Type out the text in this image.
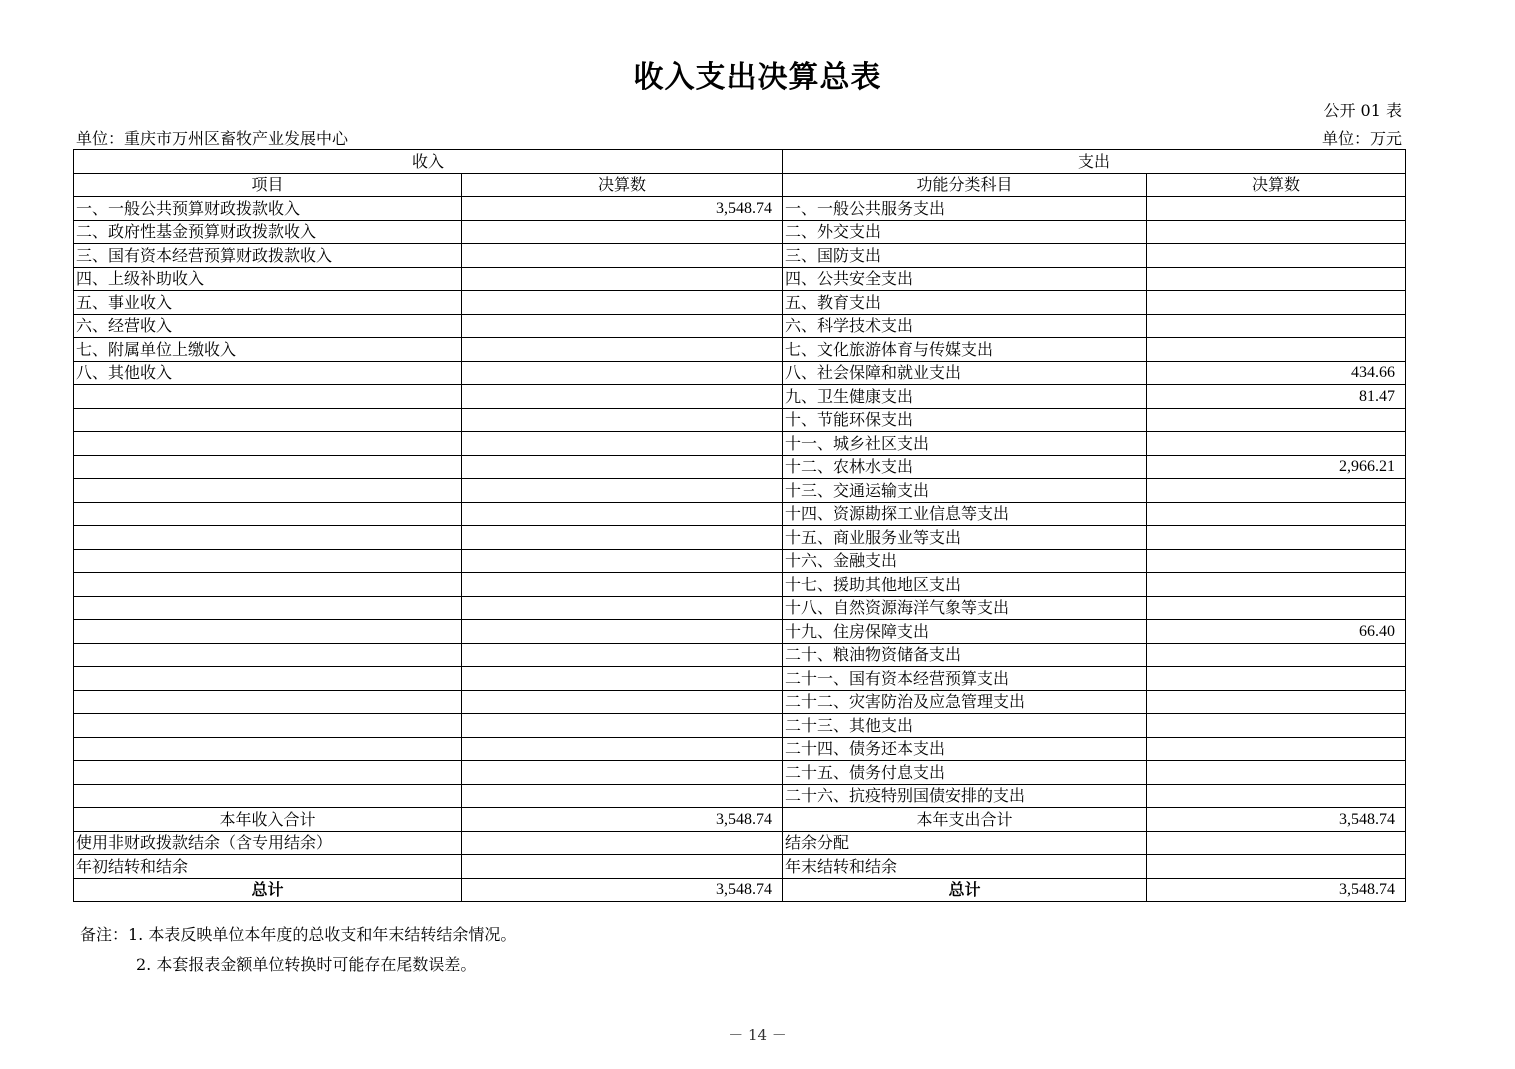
收入支出决算总表
公开 01 表
单位：重庆市万州区畜牧产业发展中心	单位：万元
收入		支出	
项目	决算数	功能分类科目	决算数
一、一般公共预算财政拨款收入	3,548.74	一、一般公共服务支出	
二、政府性基金预算财政拨款收入		二、外交支出	
三、国有资本经营预算财政拨款收入		三、国防支出	
四、上级补助收入		四、公共安全支出	
五、事业收入		五、教育支出	
六、经营收入		六、科学技术支出	
七、附属单位上缴收入		七、文化旅游体育与传媒支出	
八、其他收入		八、社会保障和就业支出	434.66
		九、卫生健康支出	81.47
		十、节能环保支出	
		十一、城乡社区支出	
		十二、农林水支出	2,966.21
		十三、交通运输支出	
		十四、资源勘探工业信息等支出	
		十五、商业服务业等支出	
		十六、金融支出	
		十七、援助其他地区支出	
		十八、自然资源海洋气象等支出	
		十九、住房保障支出	66.40
		二十、粮油物资储备支出	
		二十一、国有资本经营预算支出	
		二十二、灾害防治及应急管理支出	
		二十三、其他支出	
		二十四、债务还本支出	
		二十五、债务付息支出	
		二十六、抗疫特别国债安排的支出	
本年收入合计	3,548.74	本年支出合计	3,548.74
使用非财政拨款结余（含专用结余）		结余分配	
年初结转和结余		年末结转和结余	
总计	3,548.74	总计	3,548.74
备注：1. 本表反映单位本年度的总收支和年末结转结余情况。
2. 本套报表金额单位转换时可能存在尾数误差。
－ 14 －
